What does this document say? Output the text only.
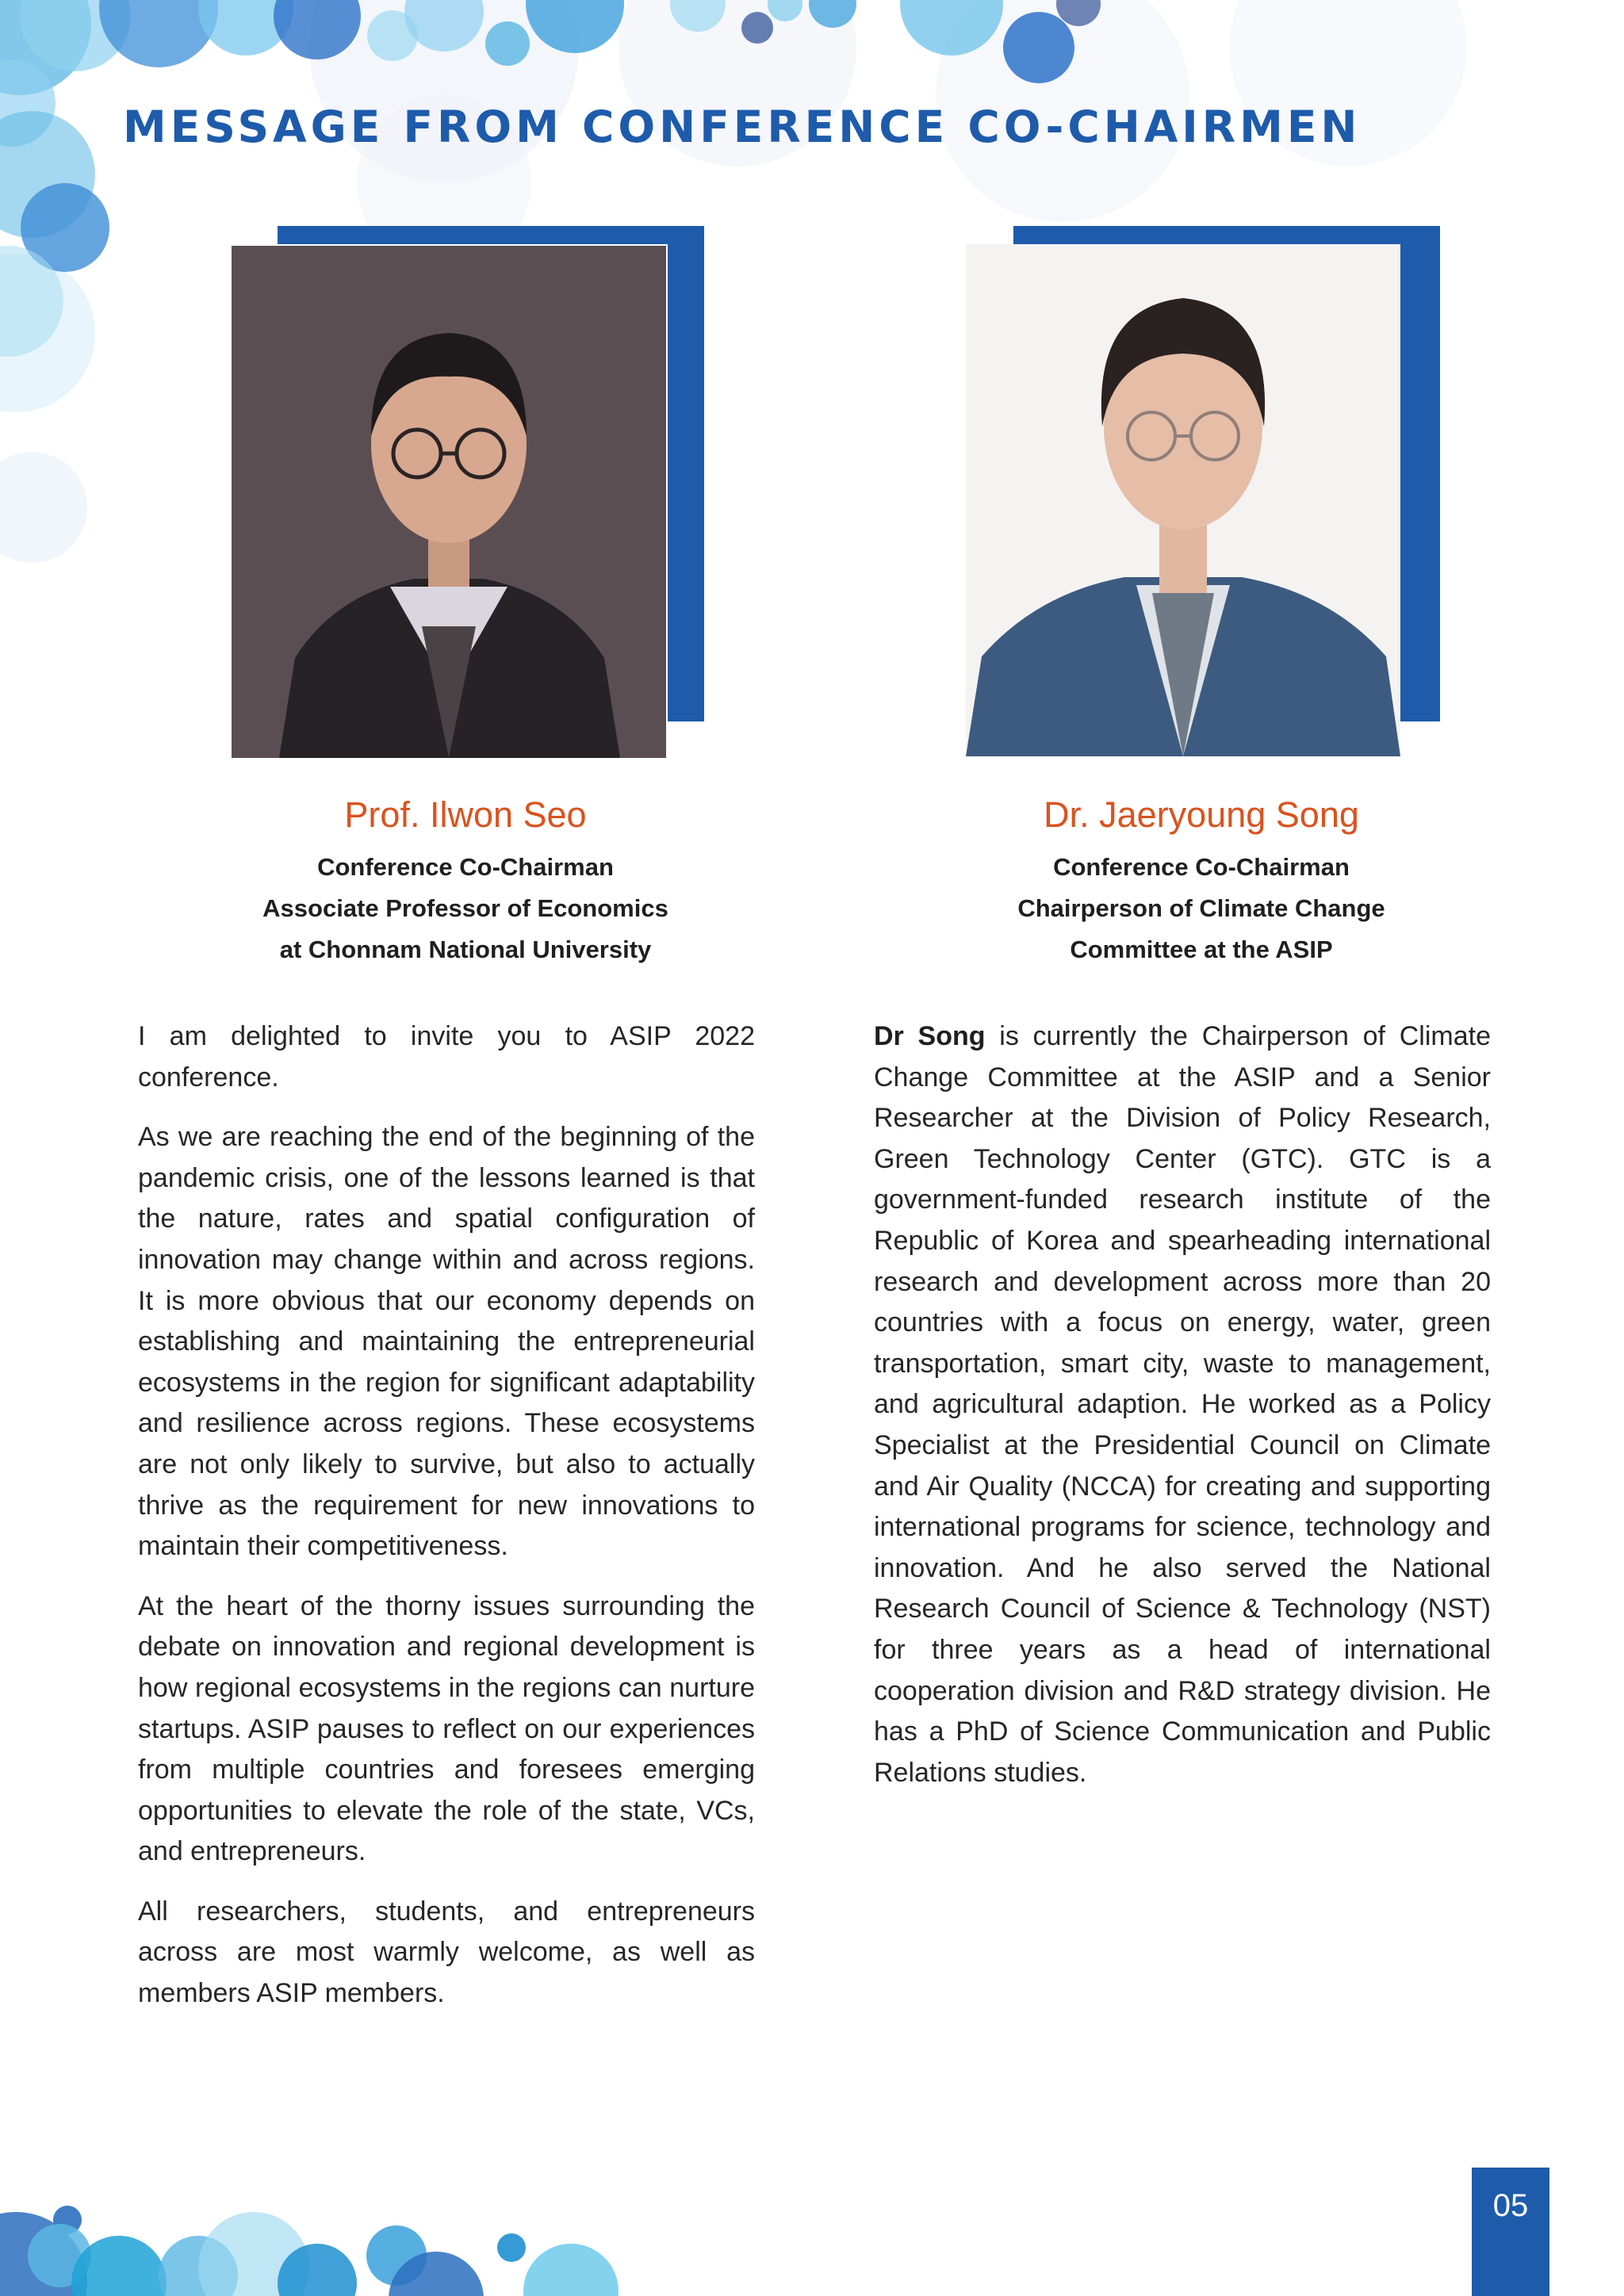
MESSAGE FROM CONFERENCE CO-CHAIRMEN

Prof. Ilwon Seo

Conference Co-Chairman

Associate Professor of Economics

at Chonnam National University

Dr. Jaeryoung Song

Conference Co-Chairman

Chairperson of Climate Change

Committee at the ASIP

I am delighted to invite you to ASIP 2022 conference.

As we are reaching the end of the beginning of the pandemic crisis, one of the lessons learned is that the nature, rates and spatial configuration of innovation may change within and across regions. It is more obvious that our economy depends on establishing and maintaining the entrepreneurial ecosystems in the region for significant adaptability and resilience across regions. These ecosystems are not only likely to survive, but also to actually thrive as the requirement for new innovations to maintain their competitiveness.

At the heart of the thorny issues surrounding the debate on innovation and regional development is how regional ecosystems in the regions can nurture startups. ASIP pauses to reflect on our experiences from multiple countries and foresees emerging opportunities to elevate the role of the state, VCs, and entrepreneurs.

All researchers, students, and entrepreneurs across are most warmly welcome, as well as members ASIP members.

Dr Song is currently the Chairperson of Climate Change Committee at the ASIP and a Senior Researcher at the Division of Policy Research, Green Technology Center (GTC). GTC is a government-funded research institute of the Republic of Korea and spearheading international research and development across more than 20 countries with a focus on energy, water, green transportation, smart city, waste to management, and agricultural adaption. He worked as a Policy Specialist at the Presidential Council on Climate and Air Quality (NCCA) for creating and supporting international programs for science, technology and innovation. And he also served the National Research Council of Science & Technology (NST) for three years as a head of international cooperation division and R&D strategy division. He has a PhD of Science Communication and Public Relations studies.

05
